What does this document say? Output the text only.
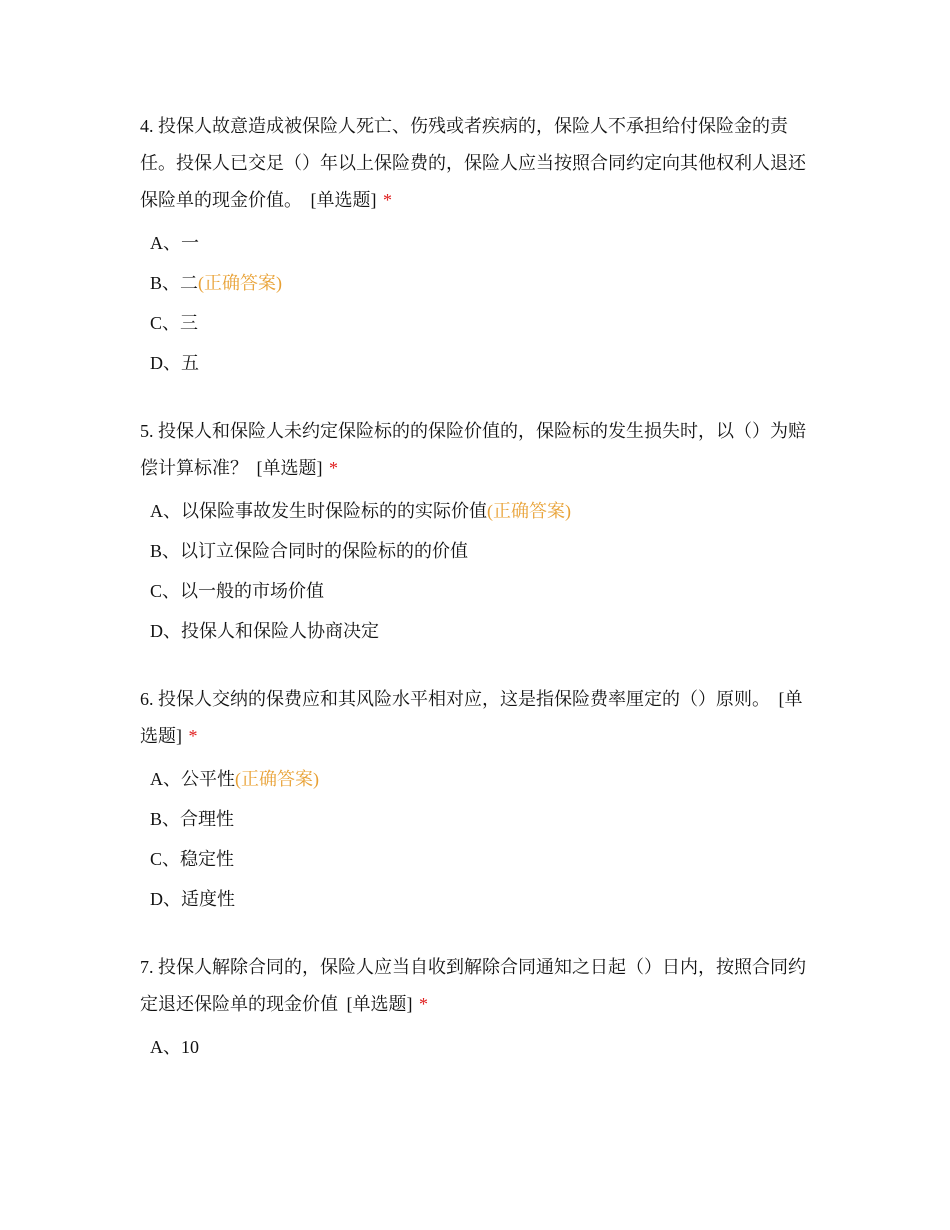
4. 投保人故意造成被保险人死亡、伤残或者疾病的，保险人不承担给付保险金的责任。投保人已交足（）年以上保险费的，保险人应当按照合同约定向其他权利人退还保险单的现金价值。 [单选题] *

A、一
B、二(正确答案)
C、三
D、五

5. 投保人和保险人未约定保险标的的保险价值的，保险标的发生损失时，以（）为赔偿计算标准？ [单选题] *

A、以保险事故发生时保险标的的实际价值(正确答案)
B、以订立保险合同时的保险标的的价值
C、以一般的市场价值
D、投保人和保险人协商决定

6. 投保人交纳的保费应和其风险水平相对应，这是指保险费率厘定的（）原则。 [单选题] *

A、公平性(正确答案)
B、合理性
C、稳定性
D、适度性

7. 投保人解除合同的，保险人应当自收到解除合同通知之日起（）日内，按照合同约定退还保险单的现金价值 [单选题] *

A、10
